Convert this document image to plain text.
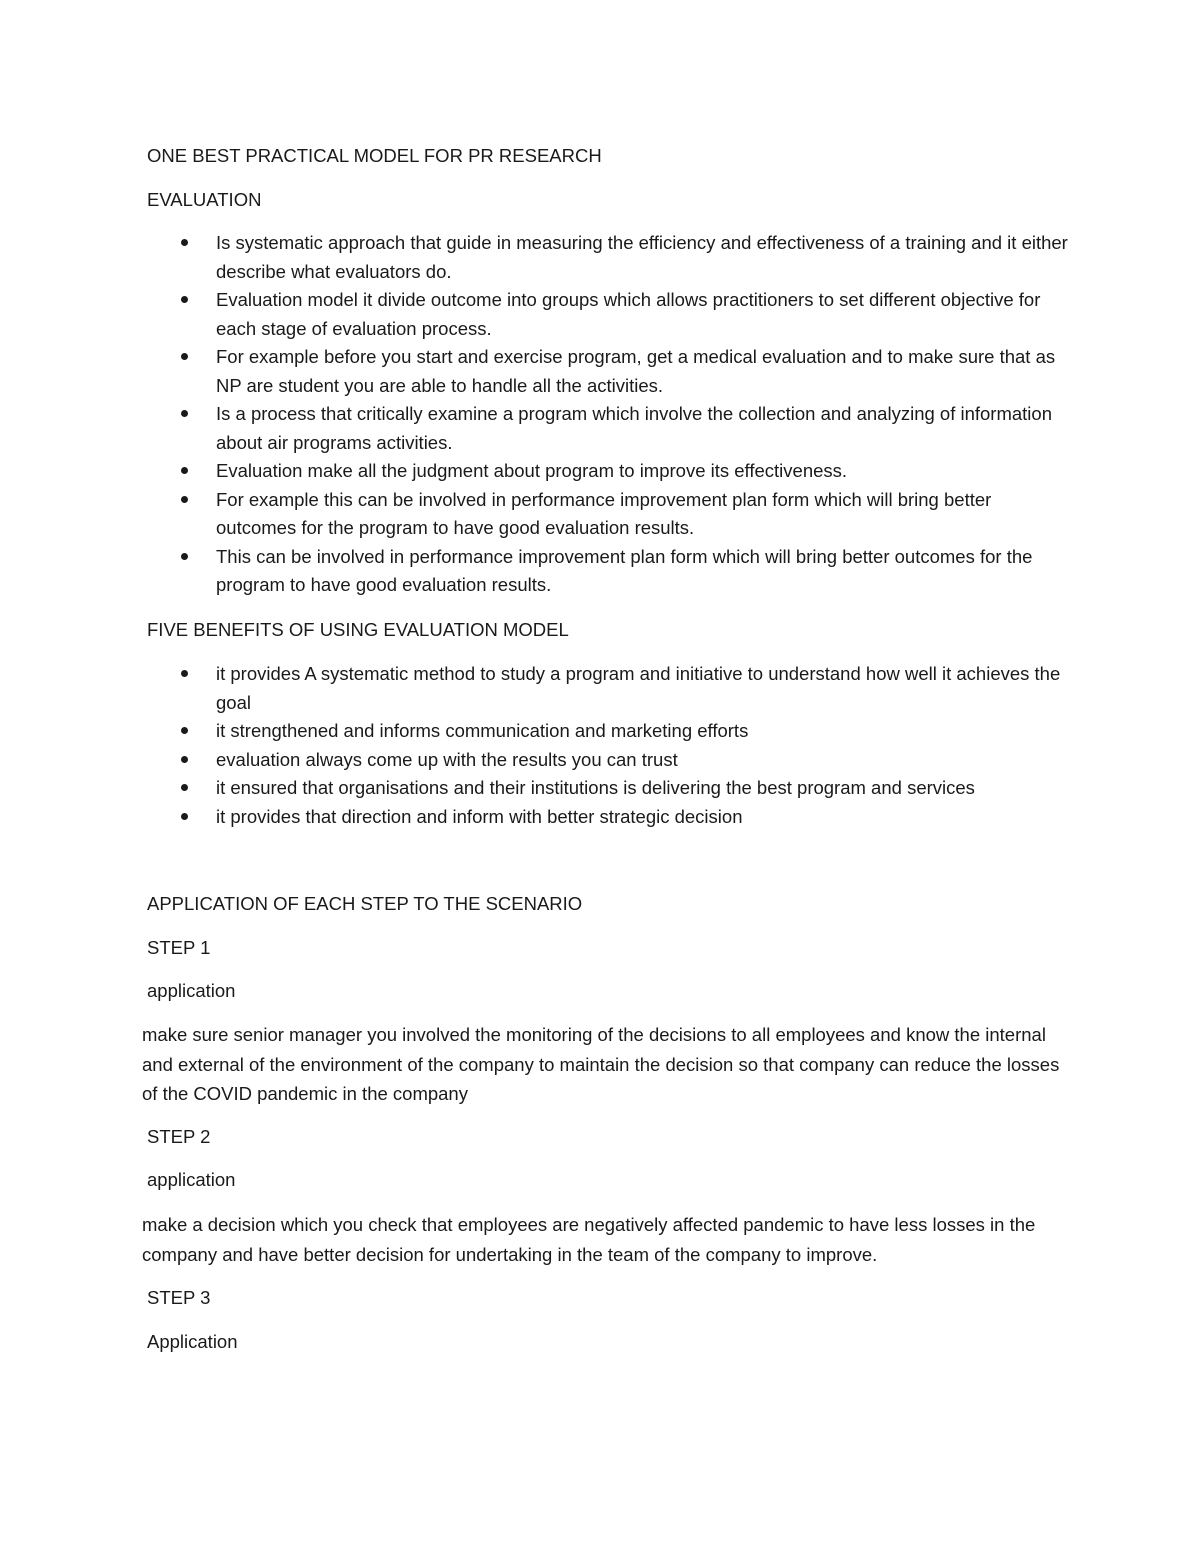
ONE BEST PRACTICAL MODEL FOR PR RESEARCH
EVALUATION
Is systematic approach that guide in measuring the efficiency and effectiveness of a training and it either describe what evaluators do.
Evaluation model it divide outcome into groups which allows practitioners to set different objective for each stage of evaluation process.
For example before you start and exercise program, get a medical evaluation and to make sure that as NP are student you are able to handle all the activities.
Is a process that critically examine a program which involve the collection and analyzing of information about air programs activities.
Evaluation make all the judgment about program to improve its effectiveness.
For example this can be involved in performance improvement plan form which will bring better outcomes for the program to have good evaluation results.
This can be involved in performance improvement plan form which will bring better outcomes for the program to have good evaluation results.
FIVE BENEFITS OF USING EVALUATION MODEL
it provides A systematic method to study a program and initiative to understand how well it achieves the goal
it strengthened and informs communication and marketing efforts
evaluation always come up with the results you can trust
it ensured that organisations and their institutions is delivering the best program and services
it provides that direction and inform with better strategic decision
APPLICATION OF EACH STEP TO THE SCENARIO
STEP 1
application
make sure senior manager you involved the monitoring of the decisions to all employees and know the internal and external of the environment of the company to maintain the decision so that company can reduce the losses of the COVID pandemic in the company
STEP 2
application
make a decision which you check that employees are negatively affected pandemic to have less losses in the company and have better decision for undertaking in the team of the company to improve.
STEP 3
Application
